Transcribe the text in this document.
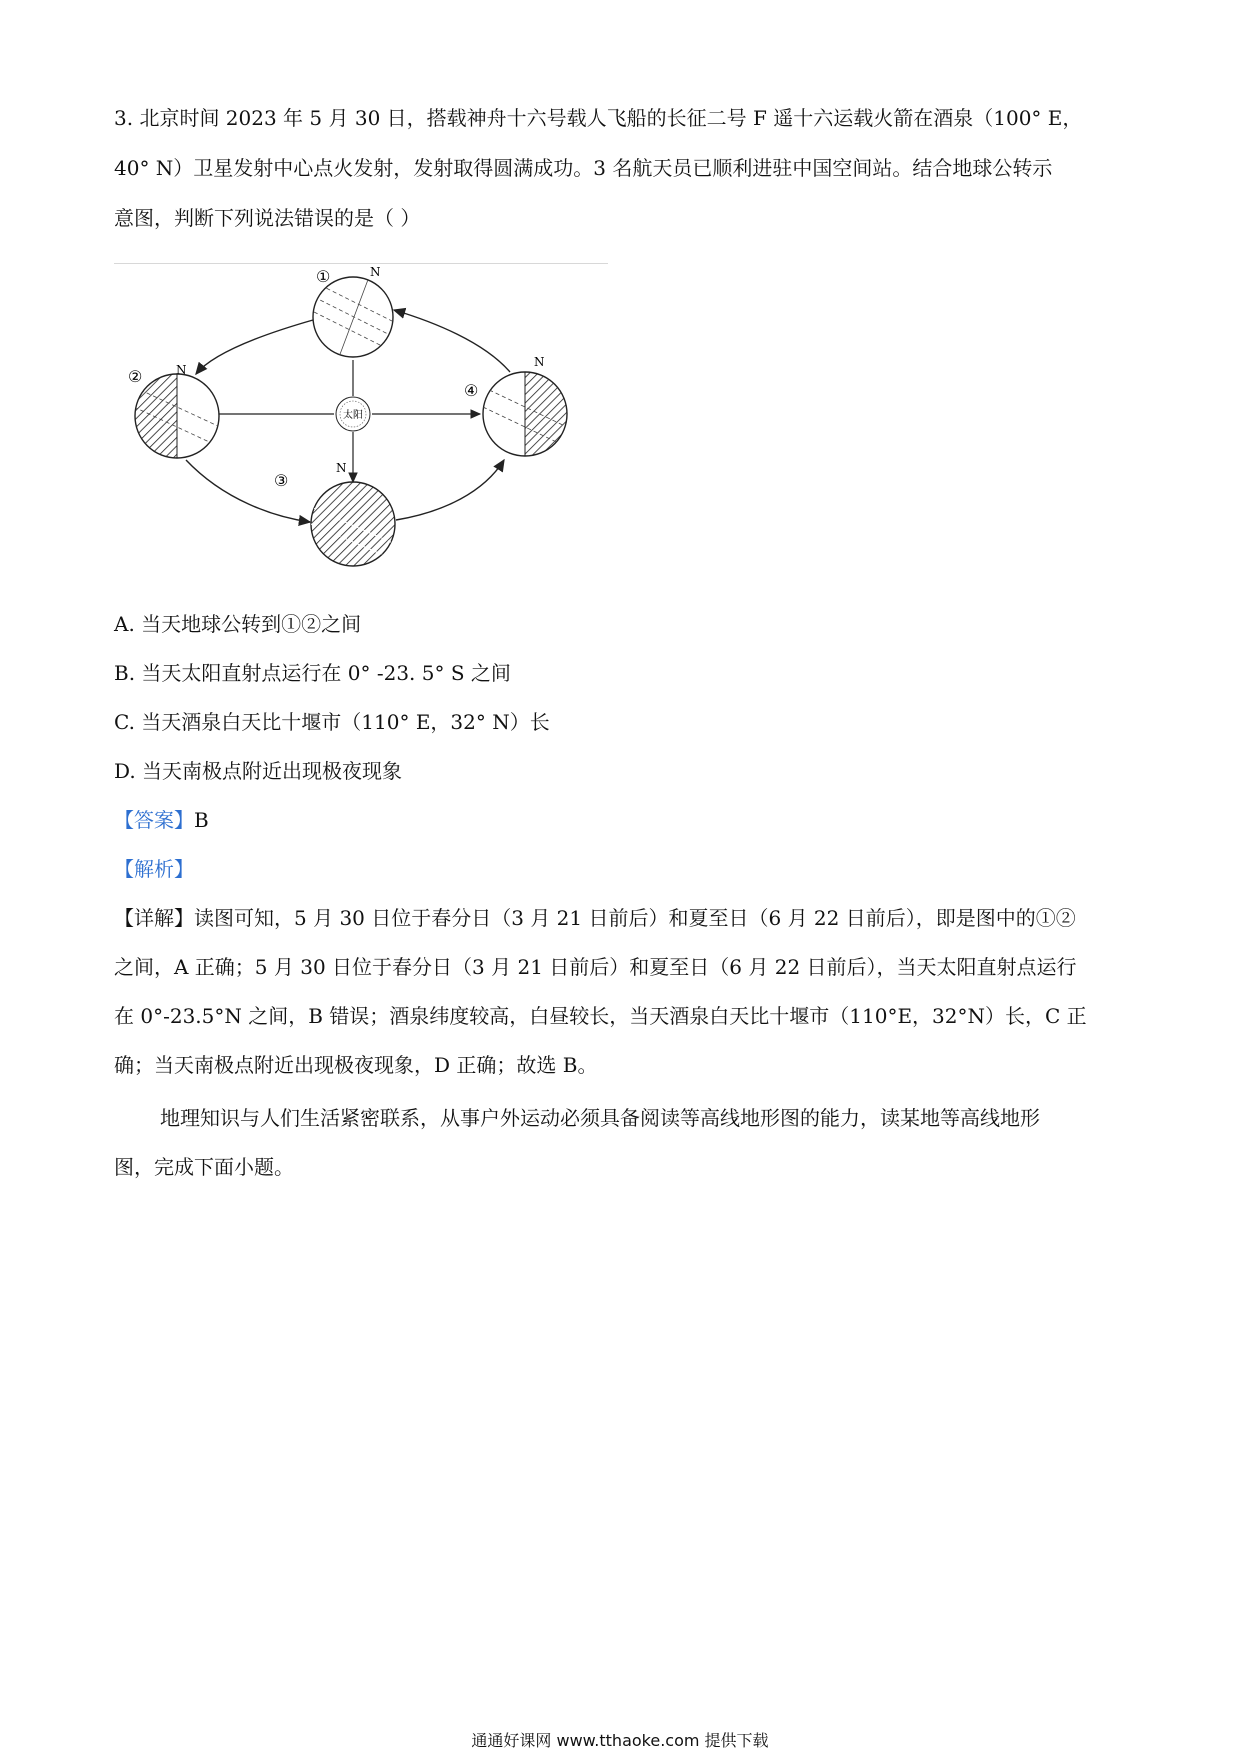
3. 北京时间 2023 年 5 月 30 日，搭载神舟十六号载人飞船的长征二号 F 遥十六运载火箭在酒泉（100° E，
40° N）卫星发射中心点火发射，发射取得圆满成功。3 名航天员已顺利进驻中国空间站。结合地球公转示
意图，判断下列说法错误的是（ ）
太阳
①	N
②	N
③
N
④
N
A. 当天地球公转到①②之间
B. 当天太阳直射点运行在 0° -23. 5° S 之间
C. 当天酒泉白天比十堰市（110° E，32° N）长
D. 当天南极点附近出现极夜现象
【答案】B
【解析】
【详解】读图可知，5 月 30 日位于春分日（3 月 21 日前后）和夏至日（6 月 22 日前后），即是图中的①②
之间，A 正确；5 月 30 日位于春分日（3 月 21 日前后）和夏至日（6 月 22 日前后），当天太阳直射点运行
在 0°-23.5°N 之间，B 错误；酒泉纬度较高，白昼较长，当天酒泉白天比十堰市（110°E，32°N）长，C 正
确；当天南极点附近出现极夜现象，D 正确；故选 B。
地理知识与人们生活紧密联系，从事户外运动必须具备阅读等高线地形图的能力，读某地等高线地形
图，完成下面小题。
通通好课网 www.tthaoke.com 提供下载
